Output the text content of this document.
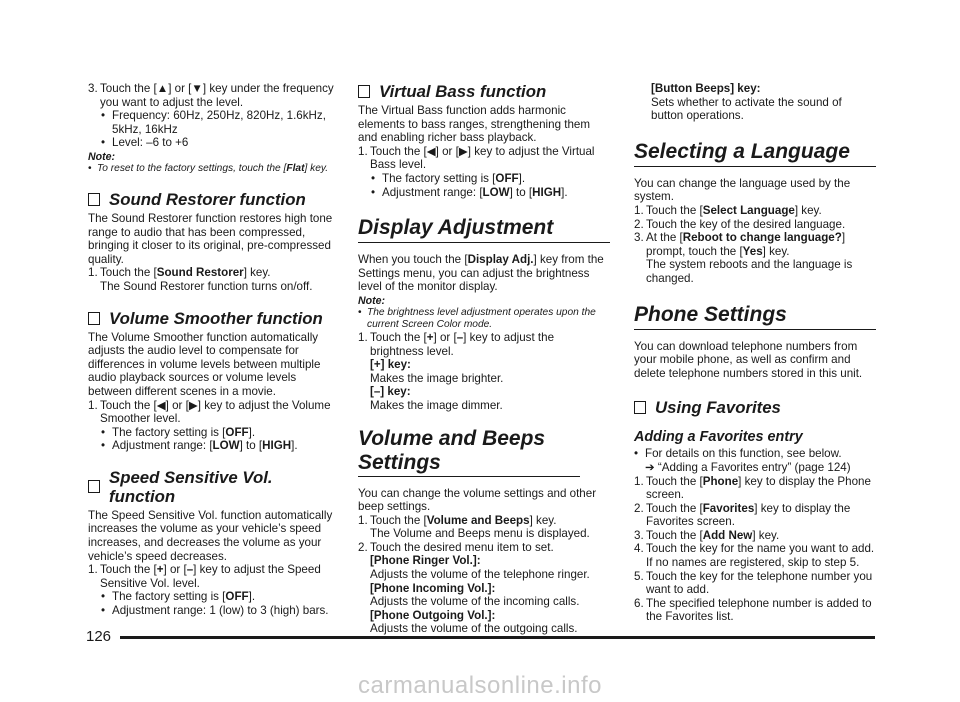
3. Touch the [▲] or [▼] key under the frequency you want to adjust the level.
• Frequency: 60Hz, 250Hz, 820Hz, 1.6kHz, 5kHz, 16kHz
• Level: –6 to +6

Note:

• To reset to the factory settings, touch the [Flat] key.
Sound Restorer function

The Sound Restorer function restores high tone range to audio that has been compressed, bringing it closer to its original, pre-compressed quality.

1. Touch the [Sound Restorer] key.
The Sound Restorer function turns on/off.
Volume Smoother function

The Volume Smoother function automatically adjusts the audio level to compensate for differences in volume levels between multiple audio playback sources or volume levels between different scenes in a movie.

1. Touch the [◀] or [▶] key to adjust the Volume Smoother level.
• The factory setting is [OFF].
• Adjustment range: [LOW] to [HIGH].
Speed Sensitive Vol. function

The Speed Sensitive Vol. function automatically increases the volume as your vehicle’s speed increases, and decreases the volume as your vehicle’s speed decreases.

1. Touch the [+] or [–] key to adjust the Speed Sensitive Vol. level.
• The factory setting is [OFF].
• Adjustment range: 1 (low) to 3 (high) bars.
Virtual Bass function

The Virtual Bass function adds harmonic elements to bass ranges, strengthening them and enabling richer bass playback.

1. Touch the [◀] or [▶] key to adjust the Virtual Bass level.
• The factory setting is [OFF].
• Adjustment range: [LOW] to [HIGH].
Display Adjustment

When you touch the [Display Adj.] key from the Settings menu, you can adjust the brightness level of the monitor display.

Note:

• The brightness level adjustment operates upon the current Screen Color mode.
1. Touch the [+] or [–] key to adjust the brightness level.
[+] key:
Makes the image brighter.
[–] key:
Makes the image dimmer.
Volume and Beeps Settings

You can change the volume settings and other beep settings.

1. Touch the [Volume and Beeps] key.
The Volume and Beeps menu is displayed.
2. Touch the desired menu item to set.
[Phone Ringer Vol.]:
Adjusts the volume of the telephone ringer.
[Phone Incoming Vol.]:
Adjusts the volume of the incoming calls.
[Phone Outgoing Vol.]:
Adjusts the volume of the outgoing calls.
[Button Beeps] key:
Sets whether to activate the sound of button operations.
Selecting a Language

You can change the language used by the system.

1. Touch the [Select Language] key.
2. Touch the key of the desired language.
3. At the [Reboot to change language?] prompt, touch the [Yes] key.
The system reboots and the language is changed.
Phone Settings

You can download telephone numbers from your mobile phone, as well as confirm and delete telephone numbers stored in this unit.

Using Favorites
Adding a Favorites entry
• For details on this function, see below.
➔ “Adding a Favorites entry” (page 124)
1. Touch the [Phone] key to display the Phone screen.
2. Touch the [Favorites] key to display the Favorites screen.
3. Touch the [Add New] key.
4. Touch the key for the name you want to add.
If no names are registered, skip to step 5.
5. Touch the key for the telephone number you want to add.
6. The specified telephone number is added to the Favorites list.
126
carmanualsonline.info
